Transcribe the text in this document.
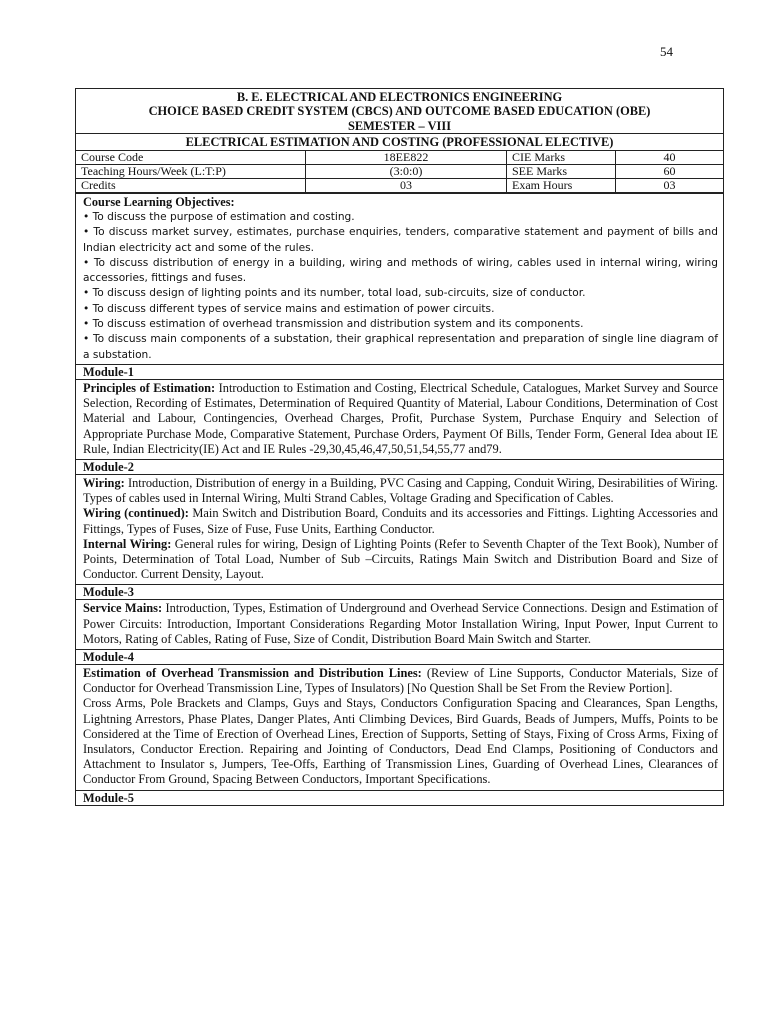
54
B. E. ELECTRICAL AND ELECTRONICS ENGINEERING
CHOICE BASED CREDIT SYSTEM (CBCS) AND OUTCOME BASED EDUCATION (OBE)
SEMESTER – VIII
ELECTRICAL ESTIMATION AND COSTING (PROFESSIONAL ELECTIVE)
Course Code	18EE822	CIE Marks	40
Teaching Hours/Week (L:T:P)	(3:0:0)	SEE Marks	60
Credits	03	Exam Hours	03
Course Learning Objectives:
• To discuss the purpose of estimation and costing.
• To discuss market survey, estimates, purchase enquiries, tenders, comparative statement and payment of bills and Indian electricity act and some of the rules.
• To discuss distribution of energy in a building, wiring and methods of wiring, cables used in internal wiring, wiring accessories, fittings and fuses.
• To discuss design of lighting points and its number, total load, sub-circuits, size of conductor.
• To discuss different types of service mains and estimation of power circuits.
• To discuss estimation of overhead transmission and distribution system and its components.
• To discuss main components of a substation, their graphical representation and preparation of single line diagram of a substation.
Module-1

Principles of Estimation: Introduction to Estimation and Costing, Electrical Schedule, Catalogues, Market Survey and Source Selection, Recording of Estimates, Determination of Required Quantity of Material, Labour Conditions, Determination of Cost Material and Labour, Contingencies, Overhead Charges, Profit, Purchase System, Purchase Enquiry and Selection of Appropriate Purchase Mode, Comparative Statement, Purchase Orders, Payment Of Bills, Tender Form, General Idea about IE Rule, Indian Electricity(IE) Act and IE Rules -29,30,45,46,47,50,51,54,55,77 and79.

Module-2

Wiring: Introduction, Distribution of energy in a Building, PVC Casing and Capping, Conduit Wiring, Desirabilities of Wiring. Types of cables used in Internal Wiring, Multi Strand Cables, Voltage Grading and Specification of Cables.

Wiring (continued): Main Switch and Distribution Board, Conduits and its accessories and Fittings. Lighting Accessories and Fittings, Types of Fuses, Size of Fuse, Fuse Units, Earthing Conductor.

Internal Wiring: General rules for wiring, Design of Lighting Points (Refer to Seventh Chapter of the Text Book), Number of Points, Determination of Total Load, Number of Sub –Circuits, Ratings Main Switch and Distribution Board and Size of Conductor. Current Density, Layout.

Module-3

Service Mains: Introduction, Types, Estimation of Underground and Overhead Service Connections. Design and Estimation of Power Circuits: Introduction, Important Considerations Regarding Motor Installation Wiring, Input Power, Input Current to Motors, Rating of Cables, Rating of Fuse, Size of Condit, Distribution Board Main Switch and Starter.

Module-4

Estimation of Overhead Transmission and Distribution Lines: (Review of Line Supports, Conductor Materials, Size of Conductor for Overhead Transmission Line, Types of Insulators) [No Question Shall be Set From the Review Portion].

Cross Arms, Pole Brackets and Clamps, Guys and Stays, Conductors Configuration Spacing and Clearances, Span Lengths, Lightning Arrestors, Phase Plates, Danger Plates, Anti Climbing Devices, Bird Guards, Beads of Jumpers, Muffs, Points to be Considered at the Time of Erection of Overhead Lines, Erection of Supports, Setting of Stays, Fixing of Cross Arms, Fixing of Insulators, Conductor Erection. Repairing and Jointing of Conductors, Dead End Clamps, Positioning of Conductors and Attachment to Insulator s, Jumpers, Tee-Offs, Earthing of Transmission Lines, Guarding of Overhead Lines, Clearances of Conductor From Ground, Spacing Between Conductors, Important Specifications.

Module-5
